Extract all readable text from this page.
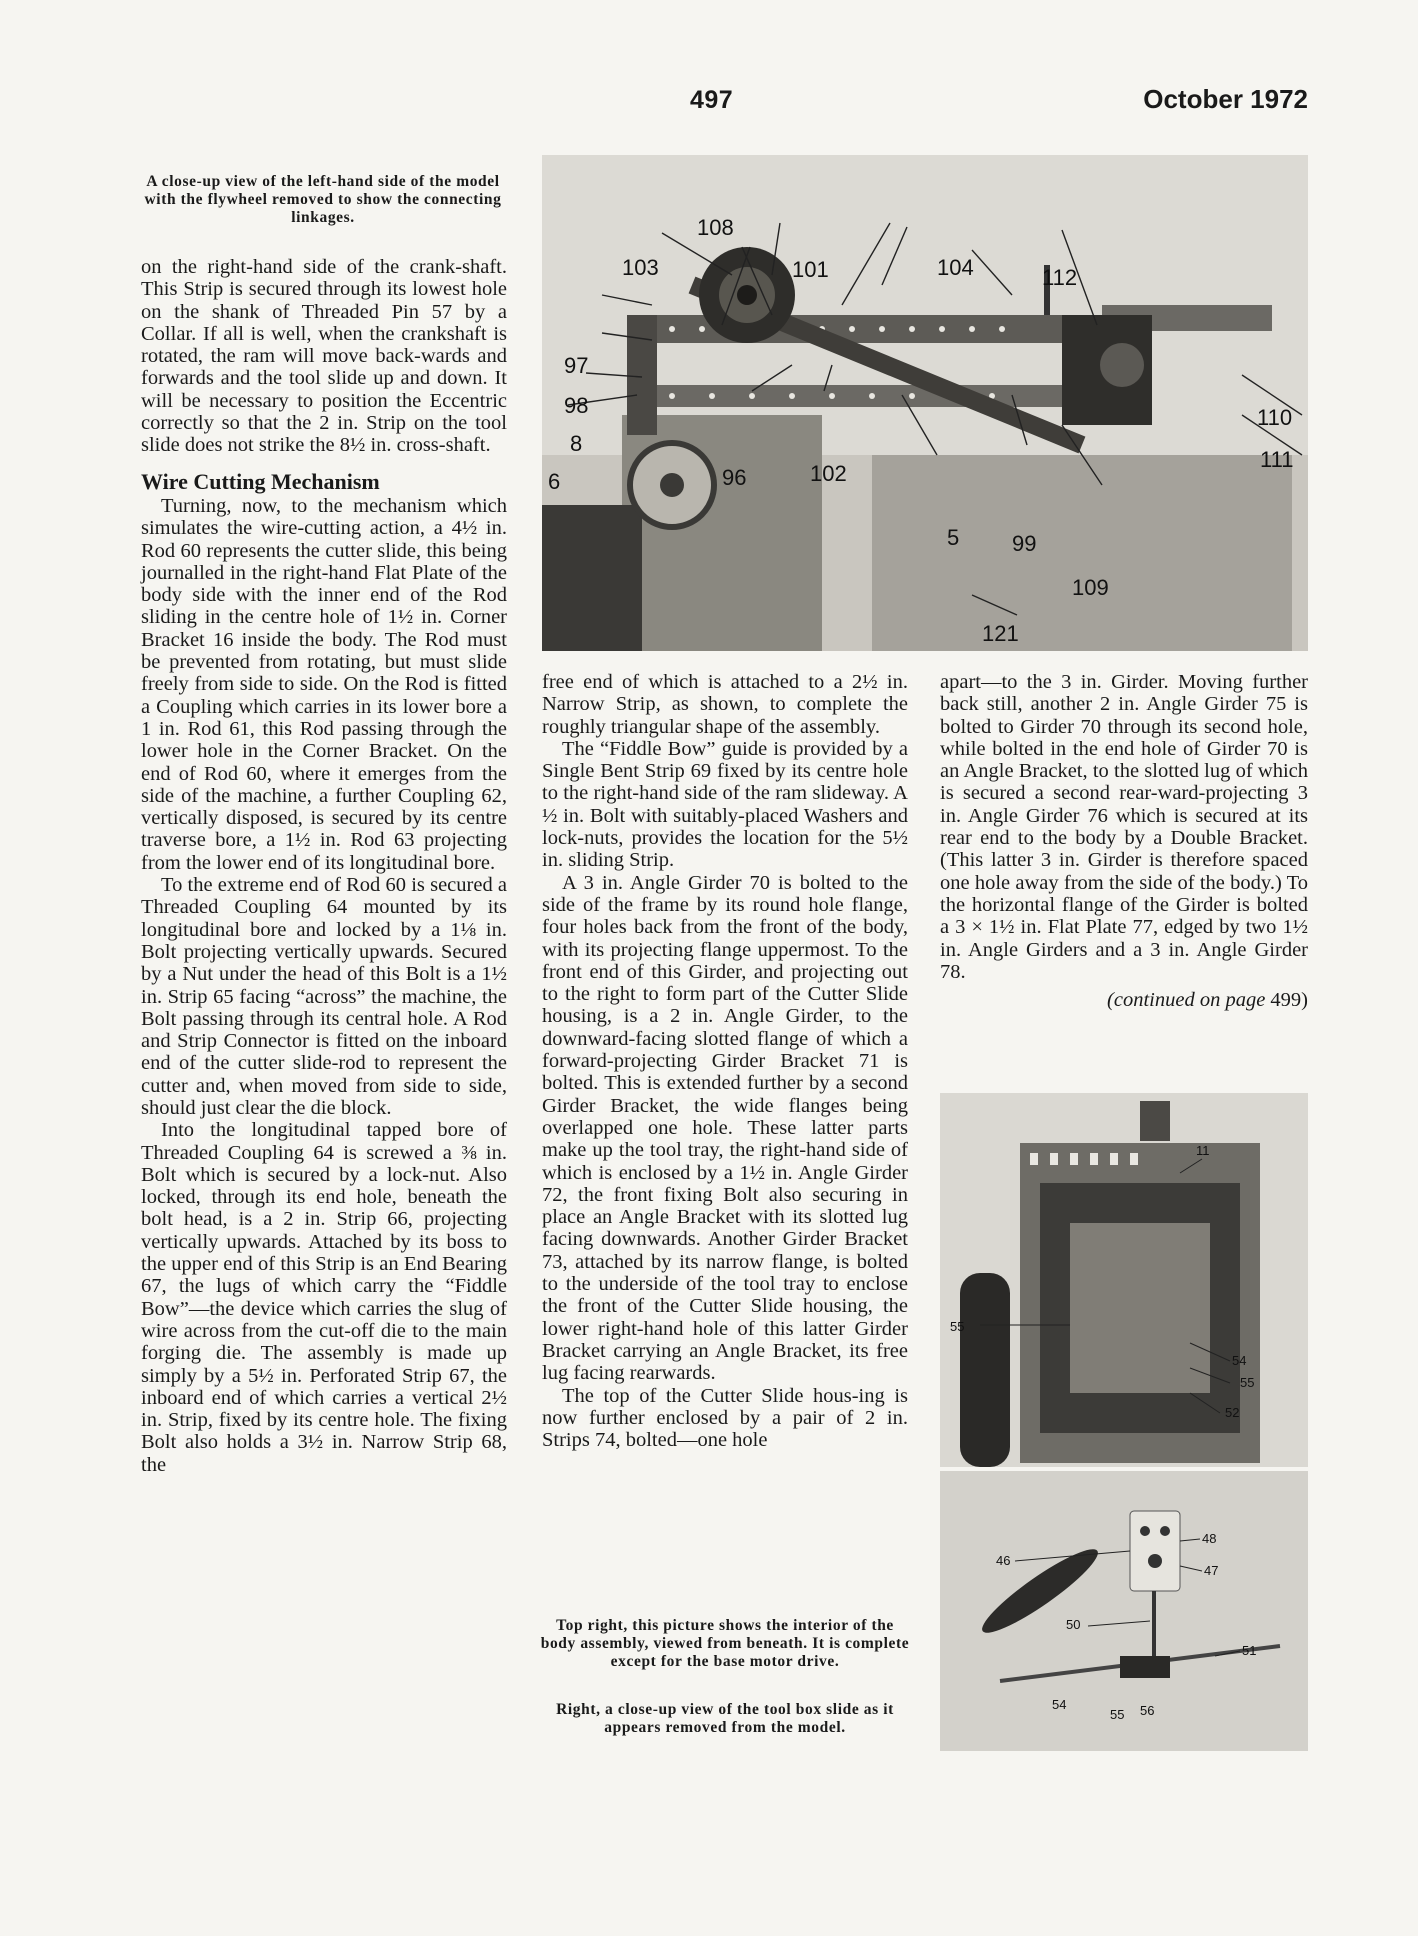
497	October 1972
A close-up view of the left-hand side of the model with the flywheel removed to show the connecting linkages.

on the right-hand side of the crank-shaft. This Strip is secured through its lowest hole on the shank of Threaded Pin 57 by a Collar. If all is well, when the crankshaft is rotated, the ram will move back-wards and forwards and the tool slide up and down. It will be necessary to position the Eccentric correctly so that the 2 in. Strip on the tool slide does not strike the 8½ in. cross-shaft.

Wire Cutting Mechanism

Turning, now, to the mechanism which simulates the wire-cutting action, a 4½ in. Rod 60 represents the cutter slide, this being journalled in the right-hand Flat Plate of the body side with the inner end of the Rod sliding in the centre hole of 1½ in. Corner Bracket 16 inside the body. The Rod must be prevented from rotating, but must slide freely from side to side. On the Rod is fitted a Coupling which carries in its lower bore a 1 in. Rod 61, this Rod passing through the lower hole in the Corner Bracket. On the end of Rod 60, where it emerges from the side of the machine, a further Coupling 62, vertically disposed, is secured by its centre traverse bore, a 1½ in. Rod 63 projecting from the lower end of its longitudinal bore.

To the extreme end of Rod 60 is secured a Threaded Coupling 64 mounted by its longitudinal bore and locked by a 1⅛ in. Bolt projecting vertically upwards. Secured by a Nut under the head of this Bolt is a 1½ in. Strip 65 facing “across” the machine, the Bolt passing through its central hole. A Rod and Strip Connector is fitted on the inboard end of the cutter slide-rod to represent the cutter and, when moved from side to side, should just clear the die block.

Into the longitudinal tapped bore of Threaded Coupling 64 is screwed a ⅜ in. Bolt which is secured by a lock-nut. Also locked, through its end hole, beneath the bolt head, is a 2 in. Strip 66, projecting vertically upwards. Attached by its boss to the upper end of this Strip is an End Bearing 67, the lugs of which carry the “Fiddle Bow”—the device which carries the slug of wire across from the cut-off die to the main forging die. The assembly is made up simply by a 5½ in. Perforated Strip 67, the inboard end of which carries a vertical 2½ in. Strip, fixed by its centre hole. The fixing Bolt also holds a 3½ in. Narrow Strip 68, the

108
103	101	104	112
97
98
8
6	96	102
110
111
5 99
109
121

free end of which is attached to a 2½ in. Narrow Strip, as shown, to complete the roughly triangular shape of the assembly.

The “Fiddle Bow” guide is provided by a Single Bent Strip 69 fixed by its centre hole to the right-hand side of the ram slideway. A ½ in. Bolt with suitably-placed Washers and lock-nuts, provides the location for the 5½ in. sliding Strip.

A 3 in. Angle Girder 70 is bolted to the side of the frame by its round hole flange, four holes back from the front of the body, with its projecting flange uppermost. To the front end of this Girder, and projecting out to the right to form part of the Cutter Slide housing, is a 2 in. Angle Girder, to the downward-facing slotted flange of which a forward-projecting Girder Bracket 71 is bolted. This is extended further by a second Girder Bracket, the wide flanges being overlapped one hole. These latter parts make up the tool tray, the right-hand side of which is enclosed by a 1½ in. Angle Girder 72, the front fixing Bolt also securing in place an Angle Bracket with its slotted lug facing downwards. Another Girder Bracket 73, attached by its narrow flange, is bolted to the underside of the tool tray to enclose the front of the Cutter Slide housing, the lower right-hand hole of this latter Girder Bracket carrying an Angle Bracket, its free lug facing rearwards.

The top of the Cutter Slide hous-ing is now further enclosed by a pair of 2 in. Strips 74, bolted—one hole

Top right, this picture shows the interior of the body assembly, viewed from beneath. It is complete except for the base motor drive.
Right, a close-up view of the tool box slide as it appears removed from the model.

apart—to the 3 in. Girder. Moving further back still, another 2 in. Angle Girder 75 is bolted to Girder 70 through its second hole, while bolted in the end hole of Girder 70 is an Angle Bracket, to the slotted lug of which is secured a second rear-ward-projecting 3 in. Angle Girder 76 which is secured at its rear end to the body by a Double Bracket. (This latter 3 in. Girder is therefore spaced one hole away from the side of the body.) To the horizontal flange of the Girder is bolted a 3 × 1½ in. Flat Plate 77, edged by two 1½ in. Angle Girders and a 3 in. Angle Girder 78.

(continued on page 499)

11
55
54
55
52
48
46
47
50
51
54
55 56
